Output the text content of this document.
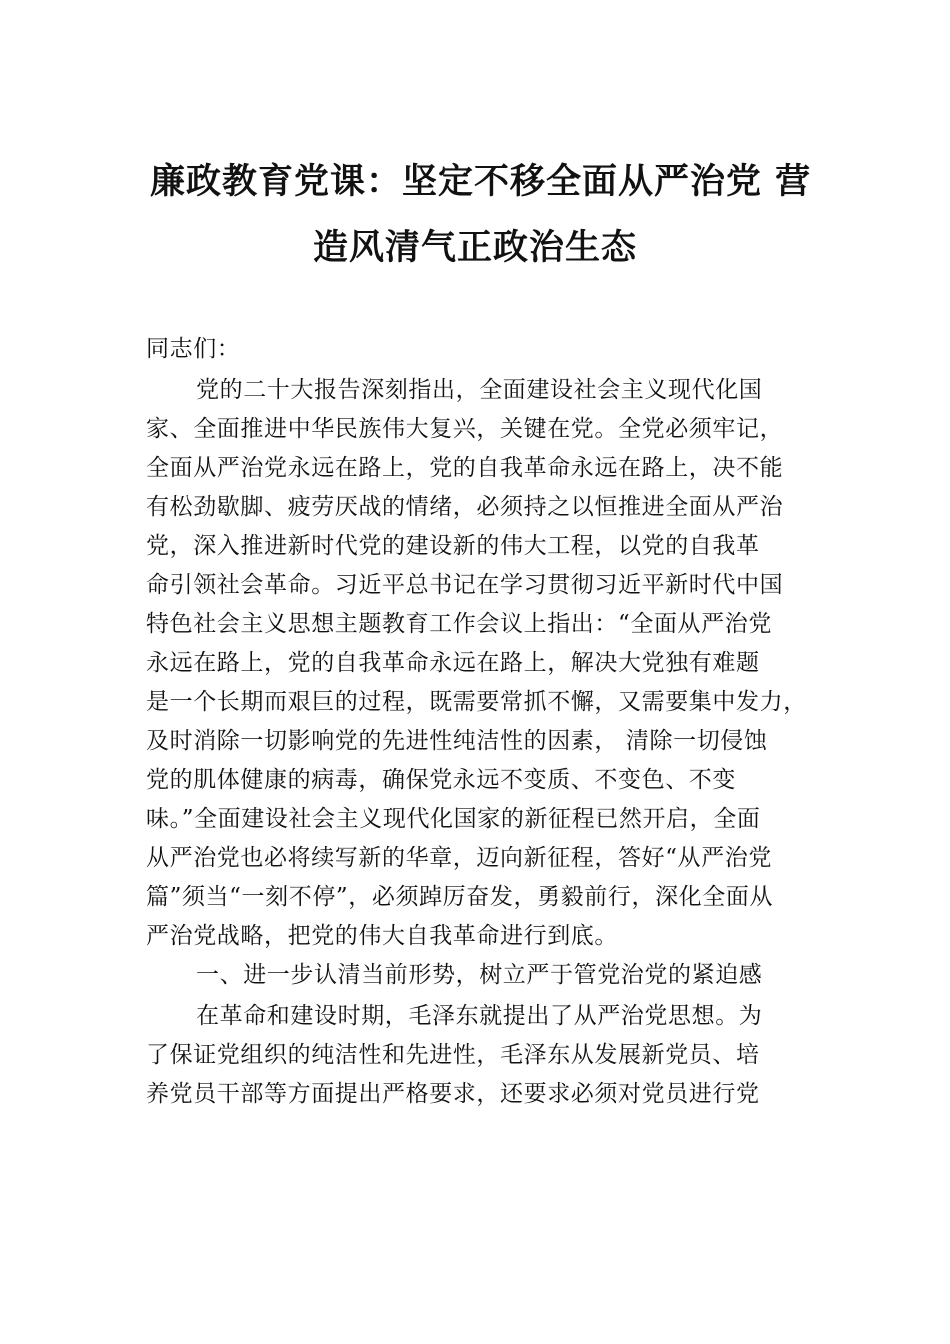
廉政教育党课：坚定不移全面从严治党 营
造风清气正政治生态
同志们：
党的二十大报告深刻指出，全面建设社会主义现代化国
家、全面推进中华民族伟大复兴，关键在党。全党必须牢记，
全面从严治党永远在路上，党的自我革命永远在路上，决不能
有松劲歇脚、疲劳厌战的情绪，必须持之以恒推进全面从严治
党，深入推进新时代党的建设新的伟大工程，以党的自我革
命引领社会革命。习近平总书记在学习贯彻习近平新时代中国
特色社会主义思想主题教育工作会议上指出：“全面从严治党
永远在路上，党的自我革命永远在路上，解决大党独有难题
是一个长期而艰巨的过程，既需要常抓不懈，又需要集中发力，
及时消除一切影响党的先进性纯洁性的因素， 清除一切侵蚀
党的肌体健康的病毒，确保党永远不变质、不变色、不变
味。”全面建设社会主义现代化国家的新征程已然开启，全面
从严治党也必将续写新的华章，迈向新征程，答好“从严治党
篇”须当“一刻不停”，必须踔厉奋发，勇毅前行，深化全面从
严治党战略，把党的伟大自我革命进行到底。
一、进一步认清当前形势，树立严于管党治党的紧迫感
在革命和建设时期，毛泽东就提出了从严治党思想。为
了保证党组织的纯洁性和先进性，毛泽东从发展新党员、培
养党员干部等方面提出严格要求，还要求必须对党员进行党
